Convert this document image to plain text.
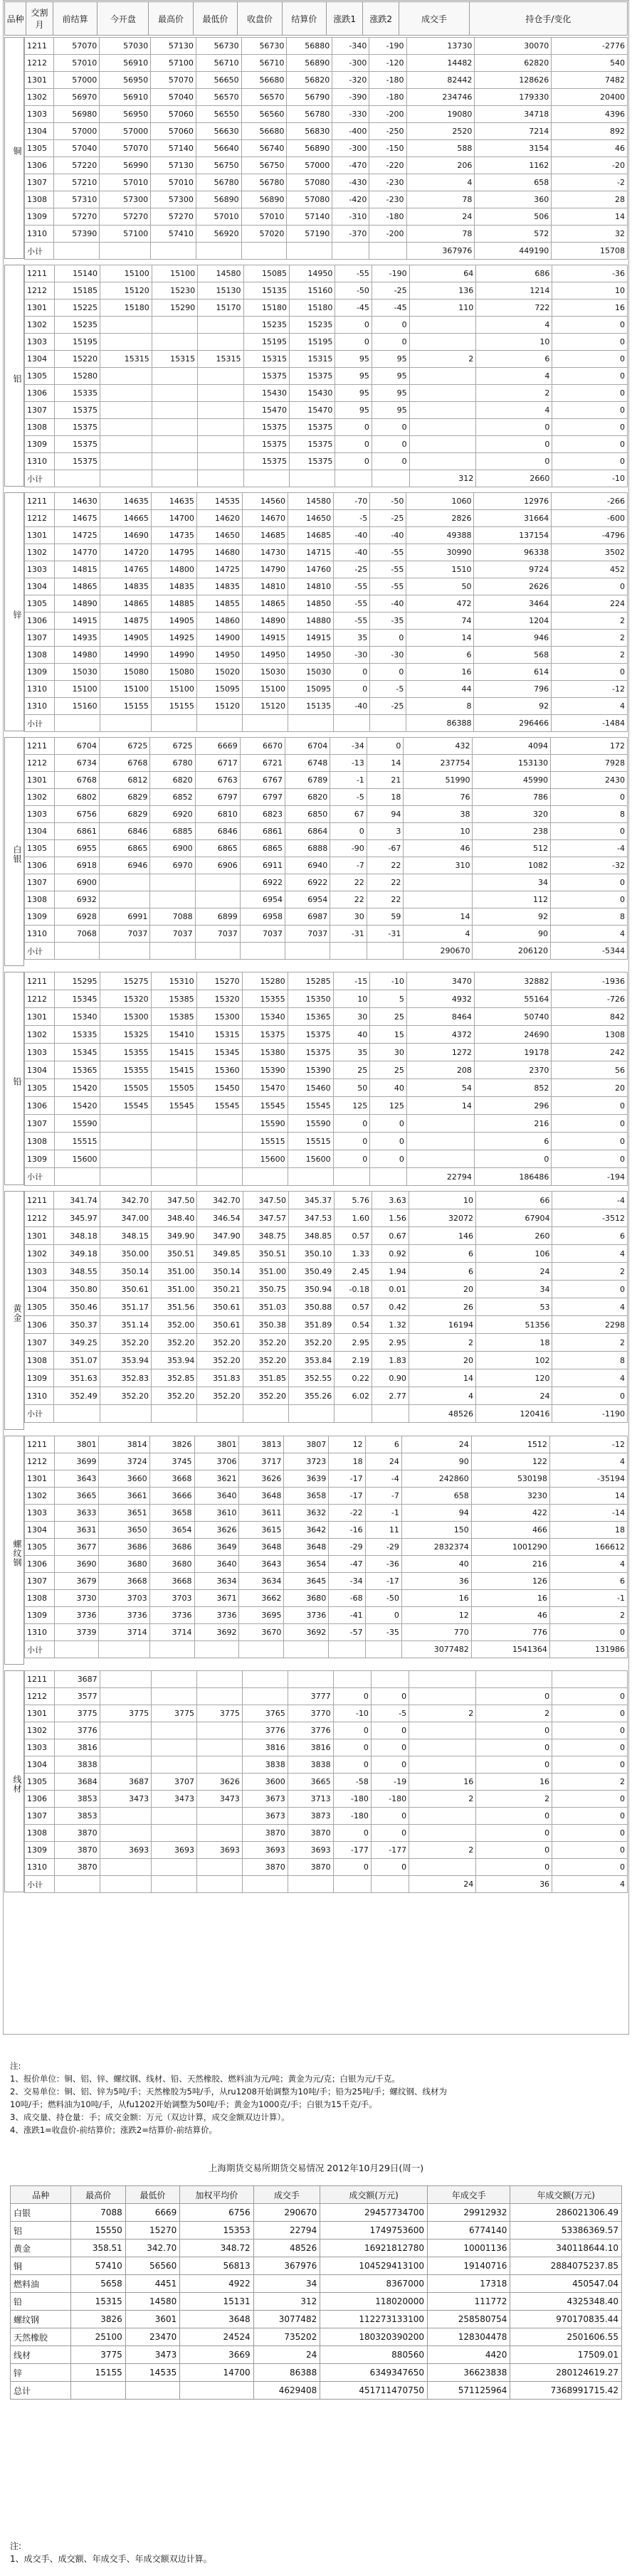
品种	交割月	前结算	今开盘	最高价	最低价	收盘价	结算价	涨跌1	涨跌2	成交手	持仓手/变化
铜
1211	57070	57030	57130	56730	56730	56880	-340	-190	13730	30070	-2776
1212	57010	56910	57100	56710	56710	56890	-300	-120	14482	62820	540
1301	57000	56950	57070	56650	56680	56820	-320	-180	82442	128626	7482
1302	56970	56910	57040	56570	56570	56790	-390	-180	234746	179330	20400
1303	56980	56950	57060	56550	56560	56780	-330	-200	19080	34718	4396
1304	57000	57000	57060	56630	56680	56830	-400	-250	2520	7214	892
1305	57040	57070	57140	56640	56740	56890	-300	-150	588	3154	46
1306	57220	56990	57130	56750	56750	57000	-470	-220	206	1162	-20
1307	57210	57010	57010	56780	56780	57080	-430	-230	4	658	-2
1308	57310	57300	57300	56890	56890	57080	-420	-230	78	360	28
1309	57270	57270	57270	57010	57010	57140	-310	-180	24	506	14
1310	57390	57100	57410	56920	57020	57190	-370	-200	78	572	32
小计									367976	449190	15708
铝
1211	15140	15100	15100	14580	15085	14950	-55	-190	64	686	-36
1212	15185	15120	15230	15130	15135	15160	-50	-25	136	1214	10
1301	15225	15180	15290	15170	15180	15180	-45	-45	110	722	16
1302	15235				15235	15235	0	0		4	0
1303	15195				15195	15195	0	0		10	0
1304	15220	15315	15315	15315	15315	15315	95	95	2	6	0
1305	15280				15375	15375	95	95		4	0
1306	15335				15430	15430	95	95		2	0
1307	15375				15470	15470	95	95		4	0
1308	15375				15375	15375	0	0		0	0
1309	15375				15375	15375	0	0		0	0
1310	15375				15375	15375	0	0		0	0
小计									312	2660	-10
锌
1211	14630	14635	14635	14535	14560	14580	-70	-50	1060	12976	-266
1212	14675	14665	14700	14620	14670	14650	-5	-25	2826	31664	-600
1301	14725	14690	14735	14650	14685	14685	-40	-40	49388	137154	-4796
1302	14770	14720	14795	14680	14730	14715	-40	-55	30990	96338	3502
1303	14815	14765	14800	14725	14790	14760	-25	-55	1510	9724	452
1304	14865	14835	14835	14835	14810	14810	-55	-55	50	2626	0
1305	14890	14865	14885	14855	14865	14850	-55	-40	472	3464	224
1306	14915	14875	14905	14860	14890	14880	-55	-35	74	1204	2
1307	14935	14905	14925	14900	14915	14915	35	0	14	946	2
1308	14980	14990	14990	14950	14950	14950	-30	-30	6	568	2
1309	15030	15080	15080	15020	15030	15030	0	0	16	614	0
1310	15100	15100	15100	15095	15100	15095	0	-5	44	796	-12
1310	15160	15155	15155	15120	15120	15135	-40	-25	8	92	4
小计									86388	296466	-1484
白银
1211	6704	6725	6725	6669	6670	6704	-34	0	432	4094	172
1212	6734	6768	6780	6717	6721	6748	-13	14	237754	153130	7928
1301	6768	6812	6820	6763	6767	6789	-1	21	51990	45990	2430
1302	6802	6829	6852	6797	6797	6820	-5	18	76	786	0
1303	6756	6829	6920	6810	6823	6850	67	94	38	320	8
1304	6861	6846	6885	6846	6861	6864	0	3	10	238	0
1305	6955	6865	6900	6865	6865	6888	-90	-67	46	512	-4
1306	6918	6946	6970	6906	6911	6940	-7	22	310	1082	-32
1307	6900				6922	6922	22	22		34	0
1308	6932				6954	6954	22	22		112	0
1309	6928	6991	7088	6899	6958	6987	30	59	14	92	8
1310	7068	7037	7037	7037	7037	7037	-31	-31	4	90	4
小计									290670	206120	-5344
铅
1211	15295	15275	15310	15270	15280	15285	-15	-10	3470	32882	-1936
1212	15345	15320	15385	15320	15355	15350	10	5	4932	55164	-726
1301	15340	15300	15385	15300	15340	15365	30	25	8464	50740	842
1302	15335	15325	15410	15315	15375	15375	40	15	4372	24690	1308
1303	15345	15355	15415	15345	15380	15375	35	30	1272	19178	242
1304	15365	15355	15415	15360	15390	15390	25	25	208	2370	56
1305	15420	15505	15505	15450	15470	15460	50	40	54	852	20
1306	15420	15545	15545	15545	15545	15545	125	125	14	296	0
1307	15590				15590	15590	0	0		216	0
1308	15515				15515	15515	0	0		6	0
1309	15600				15600	15600	0	0		0	0
小计									22794	186486	-194
黄金
1211	341.74	342.70	347.50	342.70	347.50	345.37	5.76	3.63	10	66	-4
1212	345.97	347.00	348.40	346.54	347.57	347.53	1.60	1.56	32072	67904	-3512
1301	348.18	348.15	349.90	347.90	348.75	348.85	0.57	0.67	146	260	6
1302	349.18	350.00	350.51	349.85	350.51	350.10	1.33	0.92	6	106	4
1303	348.55	350.14	351.00	350.14	351.00	350.49	2.45	1.94	6	24	2
1304	350.80	350.61	351.00	350.21	350.75	350.94	-0.18	0.01	20	34	0
1305	350.46	351.17	351.56	350.61	351.03	350.88	0.57	0.42	26	53	4
1306	350.37	351.14	352.00	350.61	350.38	351.89	0.54	1.32	16194	51356	2298
1307	349.25	352.20	352.20	352.20	352.20	352.20	2.95	2.95	2	18	2
1308	351.07	353.94	353.94	352.20	352.20	353.84	2.19	1.83	20	102	8
1309	351.63	352.83	352.85	351.83	351.85	352.55	0.22	0.90	14	120	4
1310	352.49	352.20	352.20	352.20	352.20	355.26	6.02	2.77	4	24	0
小计									48526	120416	-1190
螺纹钢
1211	3801	3814	3826	3801	3813	3807	12	6	24	1512	-12
1212	3699	3724	3745	3706	3717	3723	18	24	90	122	4
1301	3643	3660	3668	3621	3626	3639	-17	-4	242860	530198	-35194
1302	3665	3661	3666	3640	3648	3658	-17	-7	658	3230	14
1303	3633	3651	3658	3610	3611	3632	-22	-1	94	422	-14
1304	3631	3650	3654	3626	3615	3642	-16	11	150	466	18
1305	3677	3686	3686	3649	3648	3648	-29	-29	2832374	1001290	166612
1306	3690	3680	3680	3640	3643	3654	-47	-36	40	216	4
1307	3679	3668	3668	3634	3634	3645	-34	-17	36	126	6
1308	3730	3703	3703	3671	3662	3680	-68	-50	16	16	-1
1309	3736	3736	3736	3736	3695	3736	-41	0	12	46	2
1310	3739	3714	3714	3692	3670	3692	-57	-35	770	776	0
小计									3077482	1541364	131986
线材
1211	3687										
1212	3577					3777	0	0		0	0
1301	3775	3775	3775	3775	3765	3770	-10	-5	2	2	0
1302	3776				3776	3776	0	0		0	0
1303	3816				3816	3816	0	0		0	0
1304	3838				3838	3838	0	0		0	0
1305	3684	3687	3707	3626	3600	3665	-58	-19	16	16	2
1306	3853	3473	3473	3473	3673	3713	-180	-180	2	2	0
1307	3853				3673	3873	-180	0		0	0
1308	3870				3870	3870	0	0		0	0
1309	3870	3693	3693	3693	3693	3693	-177	-177	2	0	0
1310	3870				3870	3870	0	0		0	0
小计									24	36	4
注:
1、报价单位：铜、铝、锌、螺纹钢、线材、铅、天然橡胶、燃料油为元/吨；黄金为元/克；白银为元/千克。
2、交易单位：铜、铝、锌为5吨/手；天然橡胶为5吨/手，从ru1208开始调整为10吨/手；铅为25吨/手；螺纹钢、线材为
10吨/手；燃料油为10吨/手，从fu1202开始调整为50吨/手；黄金为1000克/手；白银为15千克/手。
3、成交量、持仓量：手；成交金额：万元（双边计算，成交金额双边计算）。
4、涨跌1=收盘价-前结算价；涨跌2=结算价-前结算价。
上海期货交易所期货交易情况 2012年10月29日(周一)
品种	最高价	最低价	加权平均价	成交手	成交额(万元)	年成交手	年成交额(万元)
白银	7088	6669	6756	290670	29457734700	29912932	286021306.49
铝	15550	15270	15353	22794	1749753600	6774140	53386369.57
黄金	358.51	342.70	348.72	48526	16921812780	10001136	340118644.10
铜	57410	56560	56813	367976	104529413100	19140716	2884075237.85
燃料油	5658	4451	4922	34	8367000	17318	450547.04
铅	15315	14580	15131	312	118020000	111772	4325348.40
螺纹钢	3826	3601	3648	3077482	112273133100	258580754	970170835.44
天然橡胶	25100	23470	24524	735202	180320390200	128304478	2501606.55
线材	3775	3473	3669	24	880560	4420	17509.01
锌	15155	14535	14700	86388	6349347650	36623838	280124619.27
总计				4629408	451711470750	571125964	7368991715.42
注:
1、成交手、成交额、年成交手、年成交额双边计算。
